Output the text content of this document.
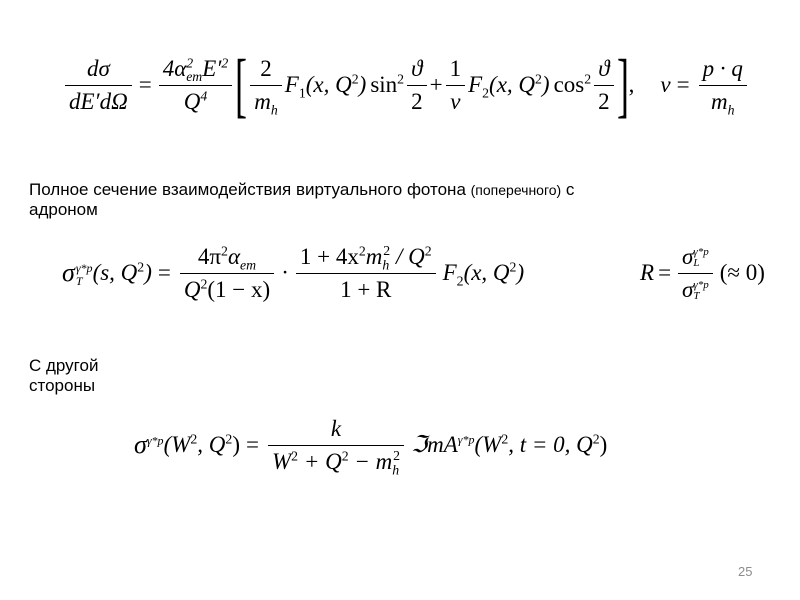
$\frac{d\sigma}{dE'd\Omega} = \frac{4\alpha^2_{em}E'^2}{Q^4}$ [ $\frac{2}{m_h} F_1(x$, $Q^2$) $\sin^2 \frac{ϑ}{2} + \frac{1}{\nu} F_2(x$, $Q^2$) $\cos^2 \frac{ϑ}{2}$ ] , $\nu = \frac{p \cdot q}{m_h}$
Полное сечение взаимодействия виртуального фотона (поперечного) с
адроном
σ γ*p
T (s, $Q^2) = \frac{4\pi^2\alpha_{em}}{Q^2(1 - x)} \cdot \frac{1 + 4x^2m_h^2 / Q^2}{1 + R} F_2(x$, $Q^2$)	R = σ γ*p
L
σ γ*p
T (≈ 0)
С другой
стороны
$\sigma^{\gamma*p}$ ($W^2$, $Q^2) = \frac{k}{W^2 + Q^2 - m_h^2}$ $ℑmA^{\gamma*p}(W^2$, t = 0, $Q^2$)
25
